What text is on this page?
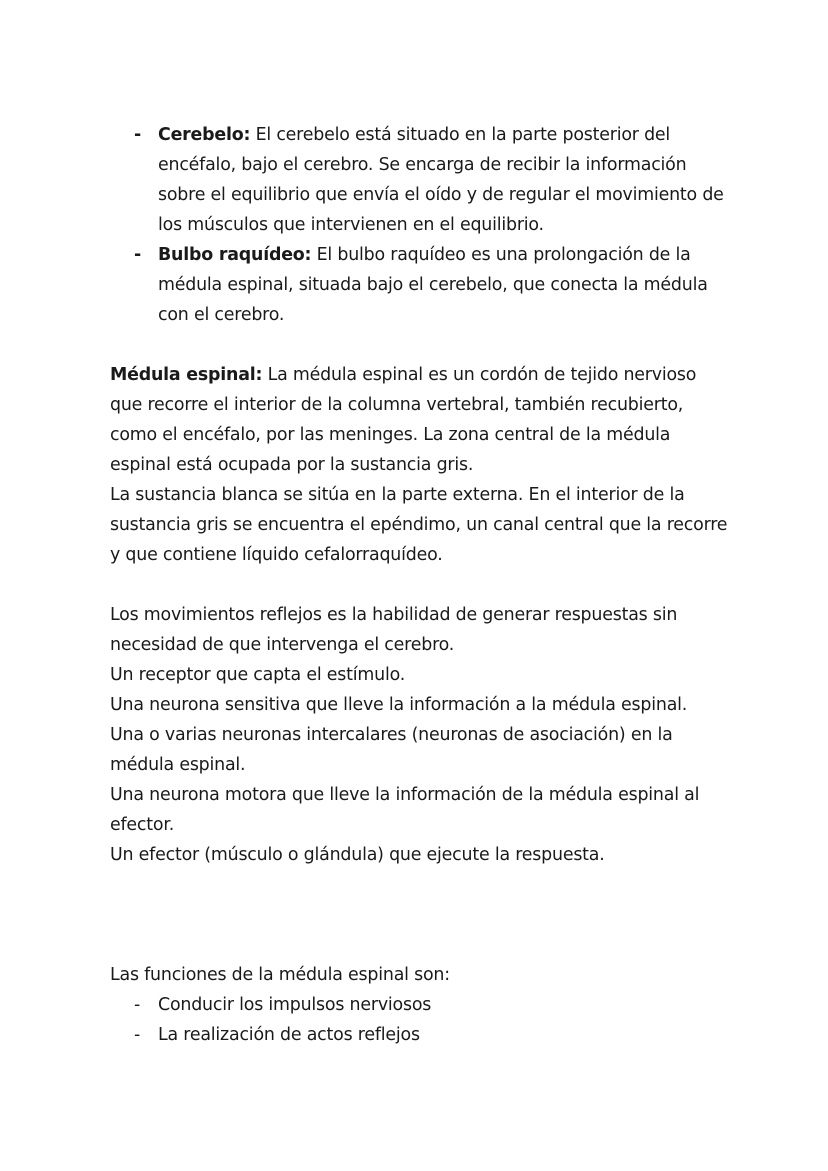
- Cerebelo: El cerebelo está situado en la parte posterior del encéfalo, bajo el cerebro. Se encarga de recibir la información sobre el equilibrio que envía el oído y de regular el movimiento de los músculos que intervienen en el equilibrio.
- Bulbo raquídeo: El bulbo raquídeo es una prolongación de la médula espinal, situada bajo el cerebelo, que conecta la médula con el cerebro.

Médula espinal: La médula espinal es un cordón de tejido nervioso que recorre el interior de la columna vertebral, también recubierto, como el encéfalo, por las meninges. La zona central de la médula espinal está ocupada por la sustancia gris.

La sustancia blanca se sitúa en la parte externa. En el interior de la sustancia gris se encuentra el epéndimo, un canal central que la recorre y que contiene líquido cefalorraquídeo.

Los movimientos reflejos es la habilidad de generar respuestas sin necesidad de que intervenga el cerebro.

Un receptor que capta el estímulo.

Una neurona sensitiva que lleve la información a la médula espinal.

Una o varias neuronas intercalares (neuronas de asociación) en la médula espinal.

Una neurona motora que lleve la información de la médula espinal al efector.

Un efector (músculo o glándula) que ejecute la respuesta.

Las funciones de la médula espinal son:

- Conducir los impulsos nerviosos
- La realización de actos reflejos
